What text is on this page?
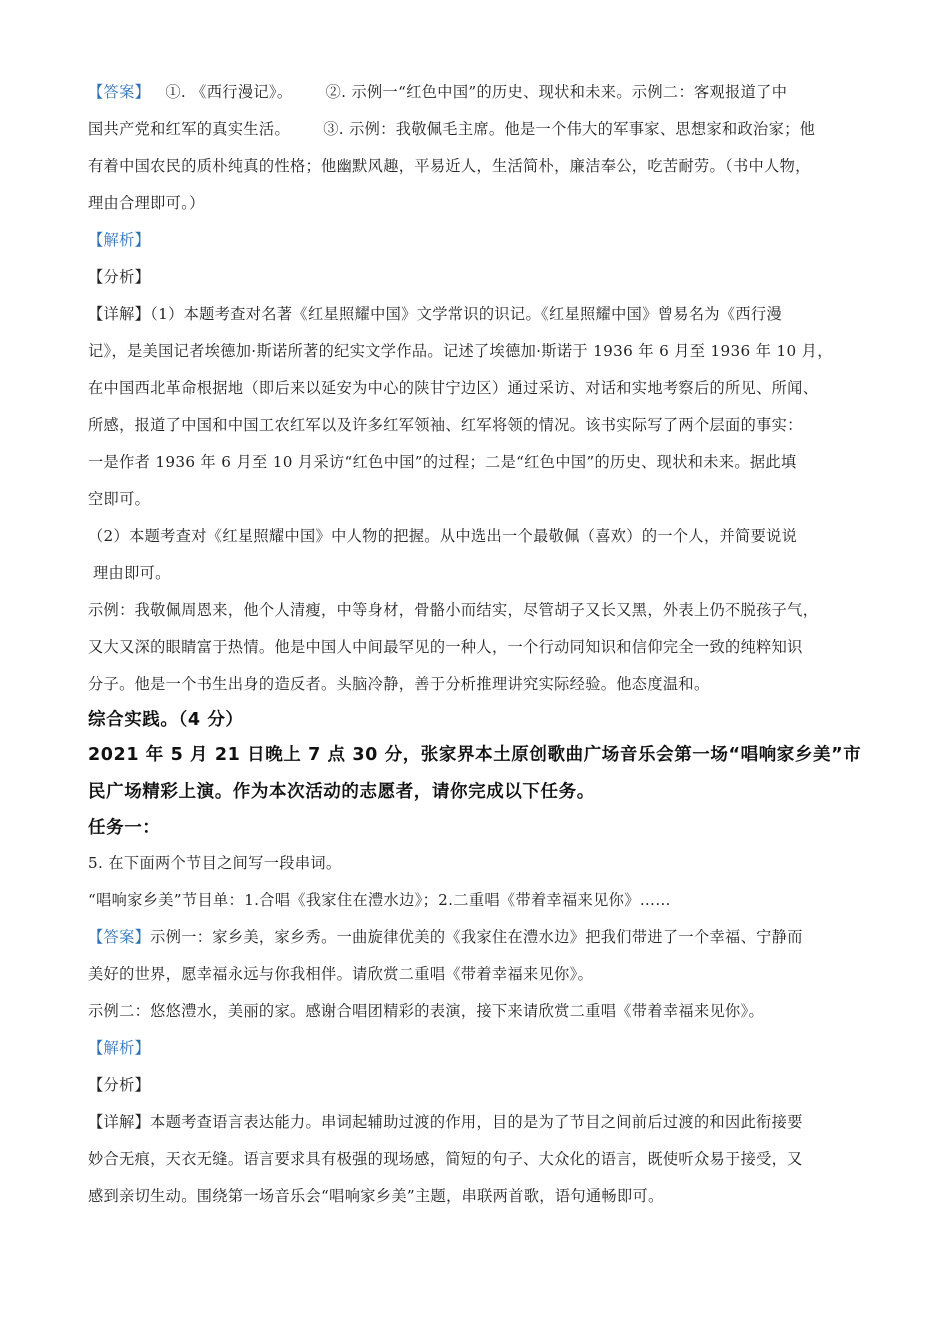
【答案】 ①. 《西行漫记》。 ②. 示例一“红色中国”的历史、现状和未来。示例二：客观报道了中
国共产党和红军的真实生活。 ③. 示例：我敬佩毛主席。他是一个伟大的军事家、思想家和政治家；他
有着中国农民的质朴纯真的性格；他幽默风趣，平易近人，生活简朴，廉洁奉公，吃苦耐劳。（书中人物，
理由合理即可。）
【解析】
【分析】
【详解】（1）本题考查对名著《红星照耀中国》文学常识的识记。《红星照耀中国》曾易名为《西行漫
记》，是美国记者埃德加·斯诺所著的纪实文学作品。记述了埃德加·斯诺于 1936 年 6 月至 1936 年 10 月，
在中国西北革命根据地（即后来以延安为中心的陕甘宁边区）通过采访、对话和实地考察后的所见、所闻、
所感，报道了中国和中国工农红军以及许多红军领袖、红军将领的情况。该书实际写了两个层面的事实：
一是作者 1936 年 6 月至 10 月采访“红色中国”的过程；二是“红色中国”的历史、现状和未来。据此填
空即可。
（2）本题考查对《红星照耀中国》中人物的把握。从中选出一个最敬佩（喜欢）的一个人，并简要说说
理由即可。
示例：我敬佩周恩来，他个人清瘦，中等身材，骨骼小而结实，尽管胡子又长又黑，外表上仍不脱孩子气，
又大又深的眼睛富于热情。他是中国人中间最罕见的一种人，一个行动同知识和信仰完全一致的纯粹知识
分子。他是一个书生出身的造反者。头脑冷静，善于分析推理讲究实际经验。他态度温和。
综合实践。（4 分）
2021 年 5 月 21 日晚上 7 点 30 分，张家界本土原创歌曲广场音乐会第一场“唱响家乡美”市
民广场精彩上演。作为本次活动的志愿者，请你完成以下任务。
任务一：
5. 在下面两个节目之间写一段串词。
“唱响家乡美”节目单：1.合唱《我家住在澧水边》；2.二重唱《带着幸福来见你》……
【答案】示例一：家乡美，家乡秀。一曲旋律优美的《我家住在澧水边》把我们带进了一个幸福、宁静而
美好的世界，愿幸福永远与你我相伴。请欣赏二重唱《带着幸福来见你》。
示例二：悠悠澧水，美丽的家。感谢合唱团精彩的表演，接下来请欣赏二重唱《带着幸福来见你》。
【解析】
【分析】
【详解】本题考查语言表达能力。串词起辅助过渡的作用，目的是为了节目之间前后过渡的和因此衔接要
妙合无痕，天衣无缝。语言要求具有极强的现场感，简短的句子、大众化的语言，既使听众易于接受，又
感到亲切生动。围绕第一场音乐会“唱响家乡美”主题，串联两首歌，语句通畅即可。
